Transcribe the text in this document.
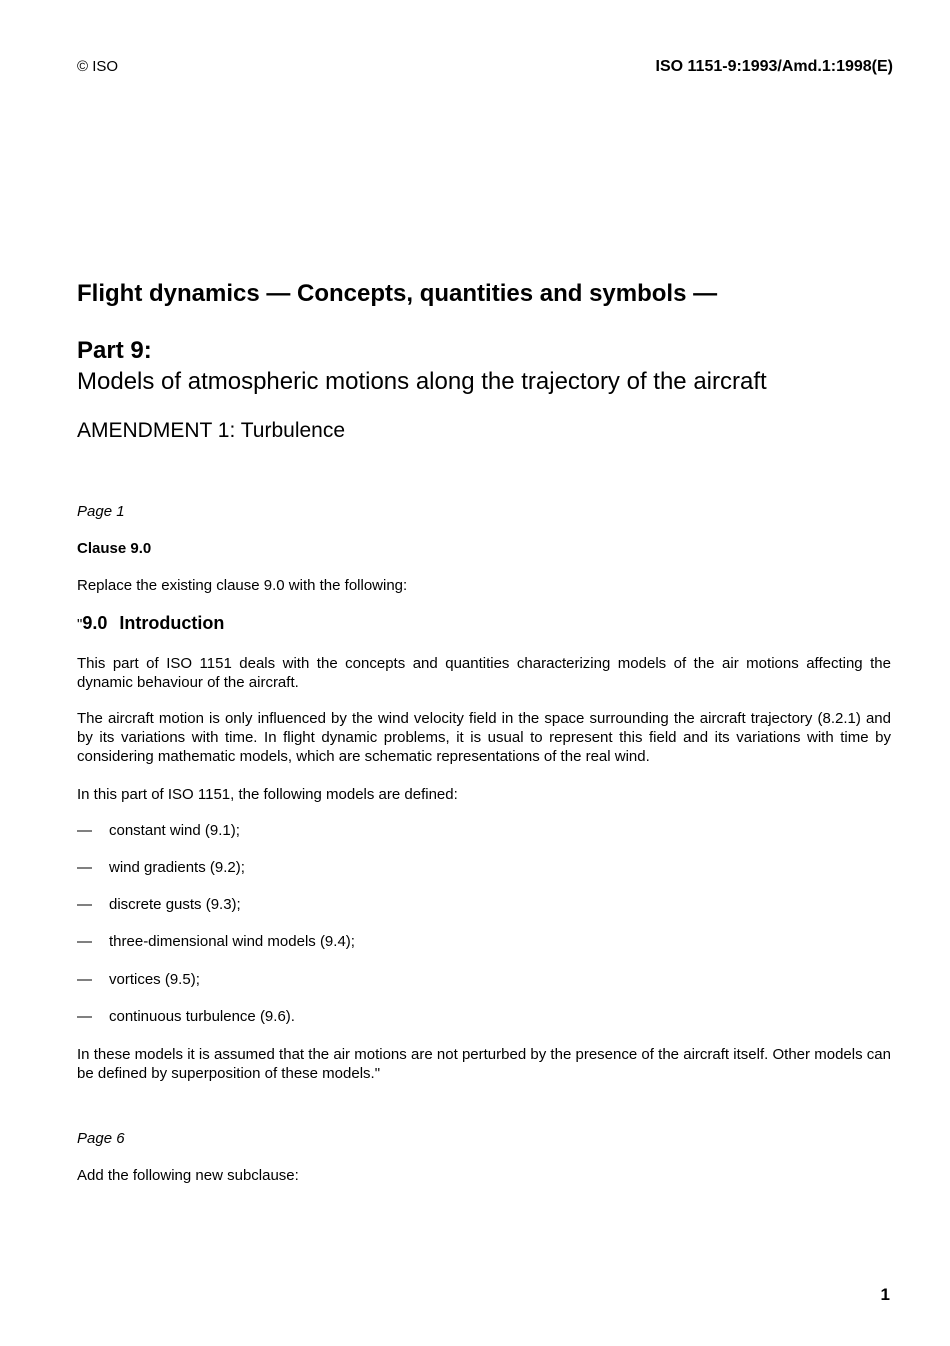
© ISO	ISO 1151-9:1993/Amd.1:1998(E)
Flight dynamics — Concepts, quantities and symbols —
Part 9:
Models of atmospheric motions along the trajectory of the aircraft
AMENDMENT 1: Turbulence
Page 1
Clause 9.0
Replace the existing clause 9.0 with the following:
"9.0 Introduction
This part of ISO 1151 deals with the concepts and quantities characterizing models of the air motions affecting the dynamic behaviour of the aircraft.
The aircraft motion is only influenced by the wind velocity field in the space surrounding the aircraft trajectory (8.2.1) and by its variations with time. In flight dynamic problems, it is usual to represent this field and its variations with time by considering mathematic models, which are schematic representations of the real wind.
In this part of ISO 1151, the following models are defined:
— constant wind (9.1);
— wind gradients (9.2);
— discrete gusts (9.3);
— three-dimensional wind models (9.4);
— vortices (9.5);
— continuous turbulence (9.6).
In these models it is assumed that the air motions are not perturbed by the presence of the aircraft itself. Other models can be defined by superposition of these models."
Page 6
Add the following new subclause:
1
